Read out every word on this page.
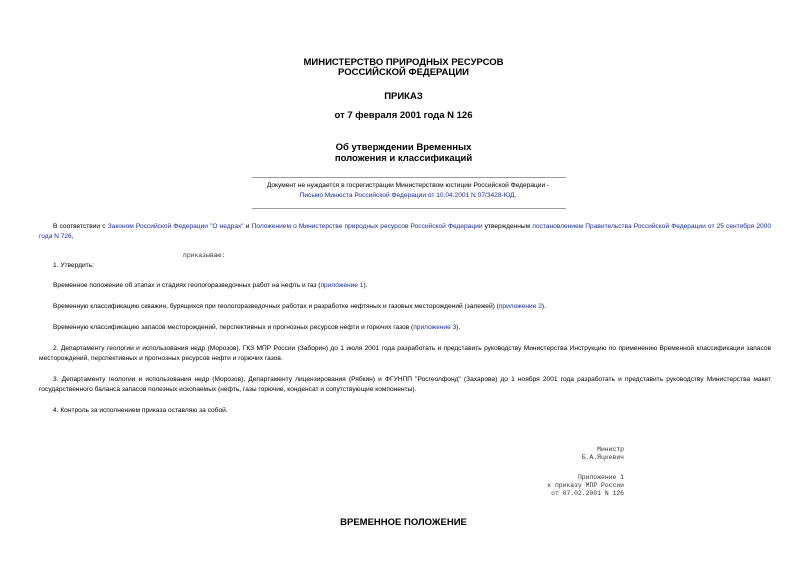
МИНИСТЕРСТВО ПРИРОДНЫХ РЕСУРСОВ
РОССИЙСКОЙ ФЕДЕРАЦИИ
ПРИКАЗ
от 7 февраля 2001 года N 126
Об утверждении Временных
положения и классификаций
Документ не нуждается в госрегистрации Министерством юстиции Российской Федерации -
Письмо Минюста Российской Федерации от 10.04.2001 N 07/3428-ЮД.
В соответствии с Законом Российской Федерации "О недрах" и Положением о Министерстве природных ресурсов Российской Федерации утвержденным постановлением Правительства Российской Федерации от 25 сентября 2000 года N 726,
приказываю:
1. Утвердить:
Временное положение об этапах и стадиях геологоразведочных работ на нефть и газ (приложение 1).
Временную классификацию скважин, бурящихся при геологоразведочных работах и разработке нефтяных и газовых месторождений (залежей) (приложение 2).
Временную классификацию запасов месторождений, перспективных и прогнозных ресурсов нефти и горючих газов (приложение 3).
2. Департаменту геологии и использования недр (Морозов), ГКЗ МПР России (Заборин) до 1 июля 2001 года разработать и представить руководству Министерства Инструкцию по применению Временной классификации запасов месторождений, перспективных и прогнозных ресурсов нефти и горючих газов.
3. Департаменту геологии и использования недр (Морозов), Департаменту лицензирования (Рябкин) и ФГУНПП "Росгеолфонд" (Захарова) до 1 ноября 2001 года разработать и представить руководству Министерства макет государственного баланса запасов полезных ископаемых (нефть, газы горючие, конденсат и сопутствующие компоненты).
4. Контроль за исполнением приказа оставляю за собой.
Министр
Б.А.Яцкевич
Приложение 1
к приказу МПР России
от 07.02.2001 N 126
ВРЕМЕННОЕ ПОЛОЖЕНИЕ
